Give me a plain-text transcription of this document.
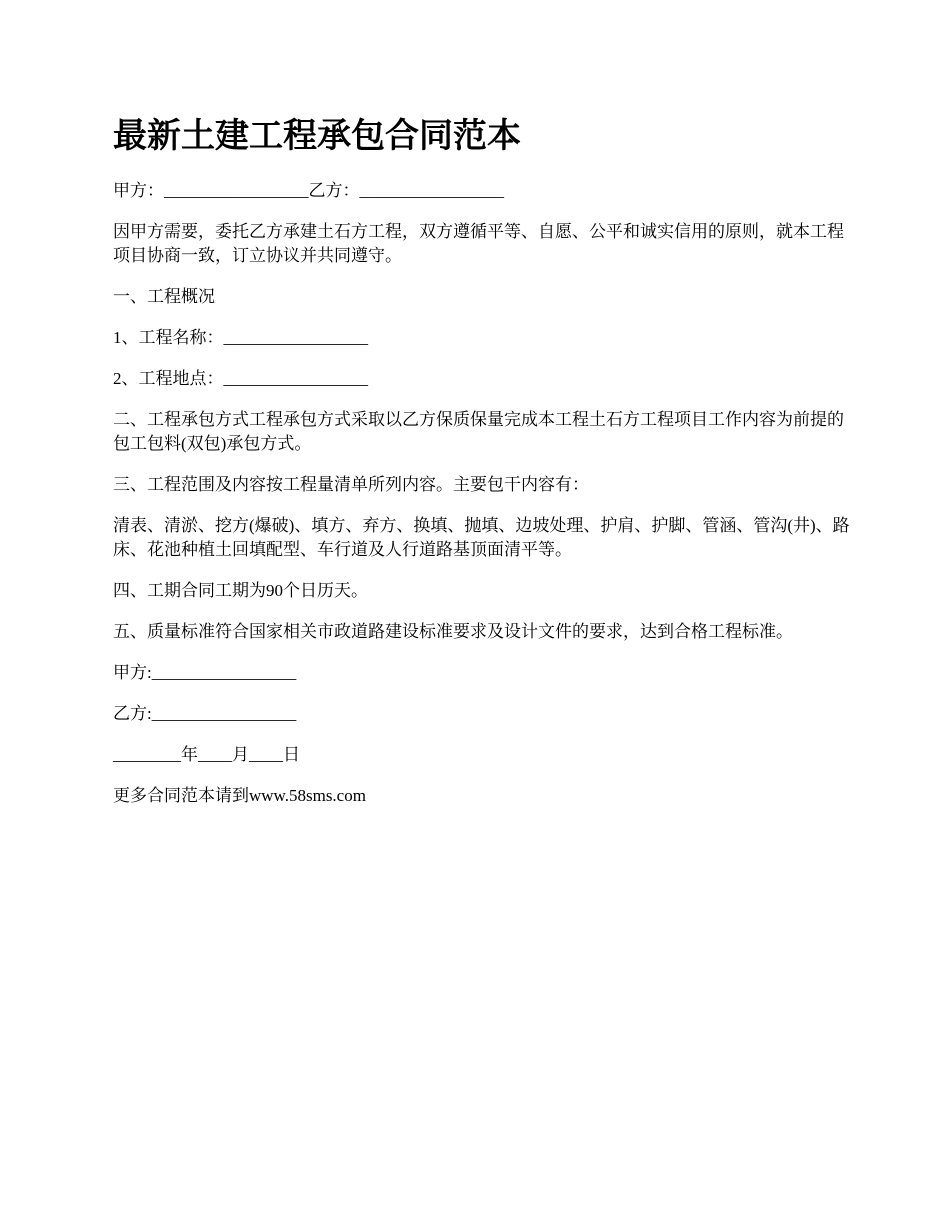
最新土建工程承包合同范本

甲方：_________________乙方：_________________

因甲方需要，委托乙方承建土石方工程，双方遵循平等、自愿、公平和诚实信用的原则，就本工程项目协商一致，订立协议并共同遵守。

一、工程概况

1、工程名称：_________________

2、工程地点：_________________

二、工程承包方式工程承包方式采取以乙方保质保量完成本工程土石方工程项目工作内容为前提的包工包料(双包)承包方式。

三、工程范围及内容按工程量清单所列内容。主要包干内容有：

清表、清淤、挖方(爆破)、填方、弃方、换填、抛填、边坡处理、护肩、护脚、管涵、管沟(井)、路床、花池种植土回填配型、车行道及人行道路基顶面清平等。

四、工期合同工期为90个日历天。

五、质量标准符合国家相关市政道路建设标准要求及设计文件的要求，达到合格工程标准。

甲方:_________________

乙方:_________________

________年____月____日

更多合同范本请到www.58sms.com
